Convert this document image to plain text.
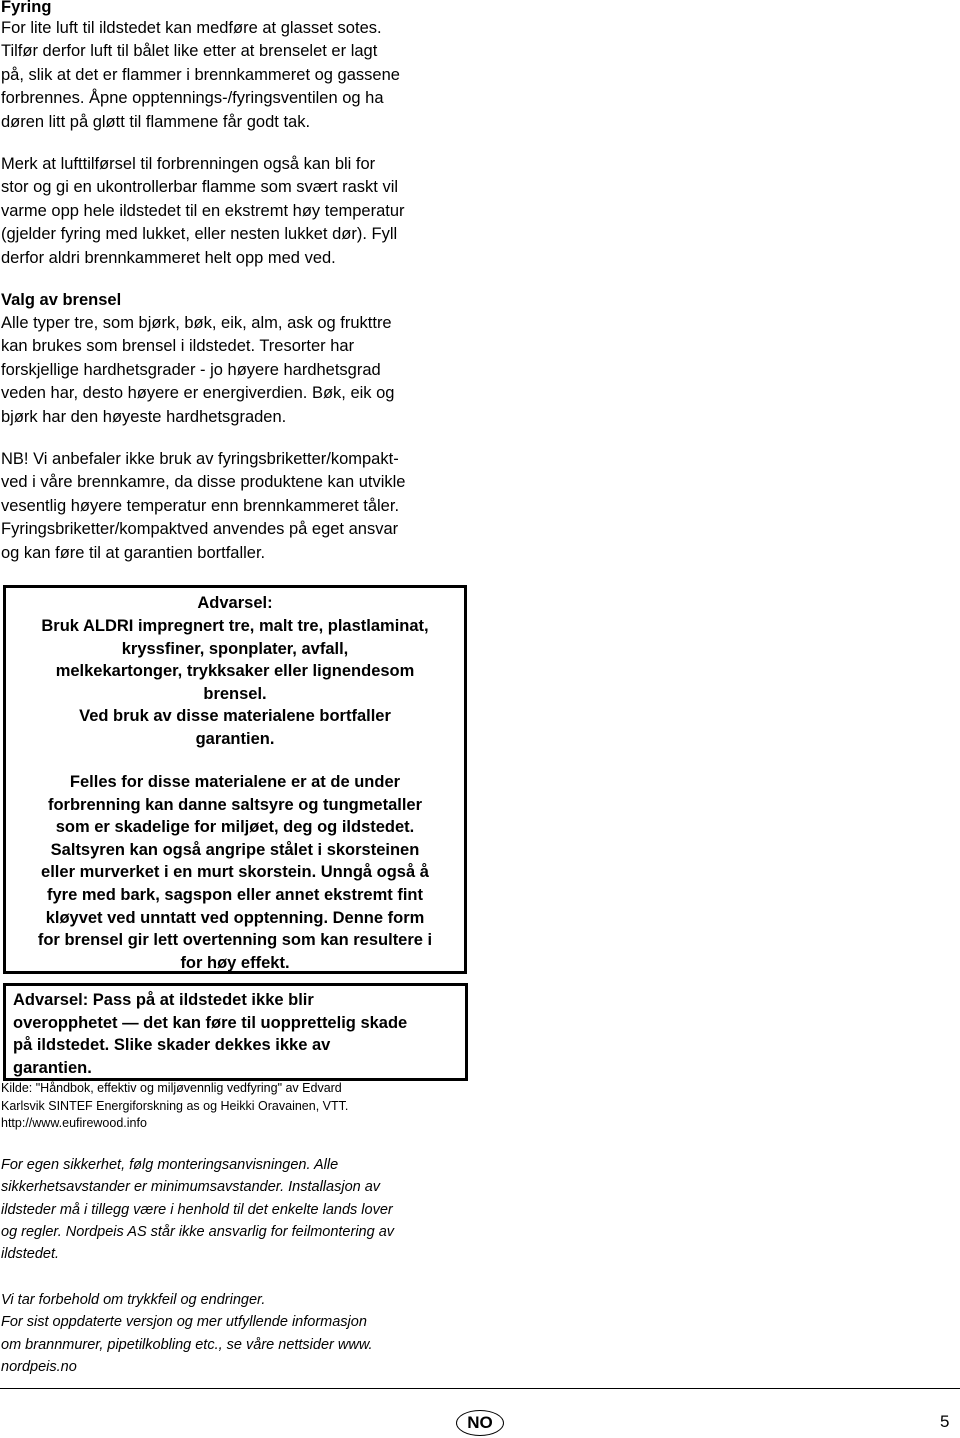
Fyring

For lite luft til ildstedet kan medføre at glasset sotes.
Tilfør derfor luft til bålet like etter at brenselet er lagt
på, slik at det er flammer i brennkammeret og gassene
forbrennes. Åpne opptennings-/fyringsventilen og ha
døren litt på gløtt til flammene får godt tak.

Merk at lufttilførsel til forbrenningen også kan bli for
stor og gi en ukontrollerbar flamme som svært raskt vil
varme opp hele ildstedet til en ekstremt høy temperatur
(gjelder fyring med lukket, eller nesten lukket dør). Fyll
derfor aldri brennkammeret helt opp med ved.

Valg av brensel

Alle typer tre, som bjørk, bøk, eik, alm, ask og frukttre
kan brukes som brensel i ildstedet. Tresorter har
forskjellige hardhetsgrader - jo høyere hardhetsgrad
veden har, desto høyere er energiverdien. Bøk, eik og
bjørk har den høyeste hardhetsgraden.

NB! Vi anbefaler ikke bruk av fyringsbriketter/kompakt-
ved i våre brennkamre, da disse produktene kan utvikle
vesentlig høyere temperatur enn brennkammeret tåler.
Fyringsbriketter/kompaktved anvendes på eget ansvar
og kan føre til at garantien bortfaller.

Advarsel:

Bruk ALDRI impregnert tre, malt tre, plastlaminat,
kryssfiner, sponplater, avfall,
melkekartonger, trykksaker eller lignendesom
brensel.
Ved bruk av disse materialene bortfaller
garantien.

Felles for disse materialene er at de under
forbrenning kan danne saltsyre og tungmetaller
som er skadelige for miljøet, deg og ildstedet.
Saltsyren kan også angripe stålet i skorsteinen
eller murverket i en murt skorstein. Unngå også å
fyre med bark, sagspon eller annet ekstremt fint
kløyvet ved unntatt ved opptenning. Denne form
for brensel gir lett overtenning som kan resultere i
for høy effekt.

Advarsel: Pass på at ildstedet ikke blir
overopphetet — det kan føre til uopprettelig skade
på ildstedet. Slike skader dekkes ikke av
garantien.

Kilde: "Håndbok, effektiv og miljøvennlig vedfyring" av Edvard
Karlsvik SINTEF Energiforskning as og Heikki Oravainen, VTT.
http://www.eufirewood.info

For egen sikkerhet, følg monteringsanvisningen. Alle
sikkerhetsavstander er minimumsavstander. Installasjon av
ildsteder må i tillegg være i henhold til det enkelte lands lover
og regler. Nordpeis AS står ikke ansvarlig for feilmontering av
ildstedet.

Vi tar forbehold om trykkfeil og endringer.
For sist oppdaterte versjon og mer utfyllende informasjon
om brannmurer, pipetilkobling etc., se våre nettsider www.
nordpeis.no

NO	5
